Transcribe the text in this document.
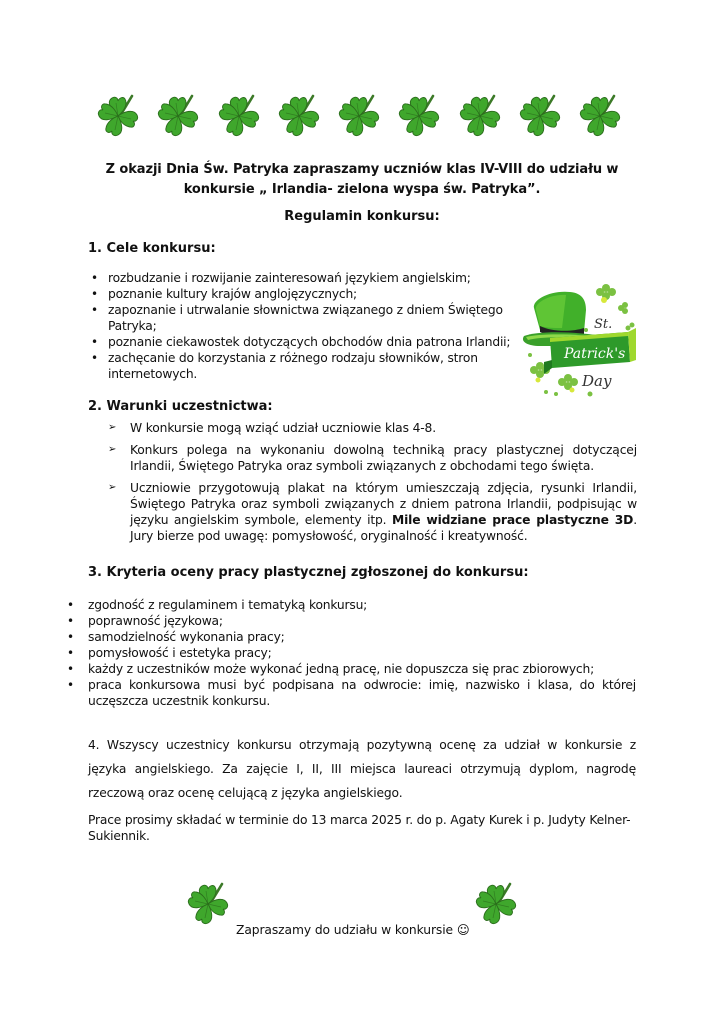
Z okazji Dnia Św. Patryka zapraszamy uczniów klas IV-VIII do udziału w
konkursie „ Irlandia- zielona wyspa św. Patryka”.
Regulamin konkursu:
1. Cele konkursu:
• rozbudzanie i rozwijanie zainteresowań językiem angielskim;
• poznanie kultury krajów anglojęzycznych;
• zapoznanie i utrwalanie słownictwa związanego z dniem Świętego Patryka;
• poznanie ciekawostek dotyczących obchodów dnia patrona Irlandii;
• zachęcanie do korzystania z różnego rodzaju słowników, stron internetowych.
St.
Patrick's
Day
2. Warunki uczestnictwa:
➢ W konkursie mogą wziąć udział uczniowie klas 4-8.
➢ Konkurs polega na wykonaniu dowolną techniką pracy plastycznej dotyczącej Irlandii, Świętego Patryka oraz symboli związanych z obchodami tego święta.
➢ Uczniowie przygotowują plakat na którym umieszczają zdjęcia, rysunki Irlandii, Świętego Patryka oraz symboli związanych z dniem patrona Irlandii, podpisując w języku angielskim symbole, elementy itp. Mile widziane prace plastyczne 3D. Jury bierze pod uwagę: pomysłowość, oryginalność i kreatywność.
3. Kryteria oceny pracy plastycznej zgłoszonej do konkursu:
• zgodność z regulaminem i tematyką konkursu;
• poprawność językowa;
• samodzielność wykonania pracy;
• pomysłowość i estetyka pracy;
• każdy z uczestników może wykonać jedną pracę, nie dopuszcza się prac zbiorowych;
• praca konkursowa musi być podpisana na odwrocie: imię, nazwisko i klasa, do której uczęszcza uczestnik konkursu.
4. Wszyscy uczestnicy konkursu otrzymają pozytywną ocenę za udział w konkursie z języka angielskiego. Za zajęcie I, II, III miejsca laureaci otrzymują dyplom, nagrodę rzeczową oraz ocenę celującą z języka angielskiego.
Prace prosimy składać w terminie do 13 marca 2025 r. do p. Agaty Kurek i p. Judyty Kelner-Sukiennik.
Zapraszamy do udziału w konkursie ☺
